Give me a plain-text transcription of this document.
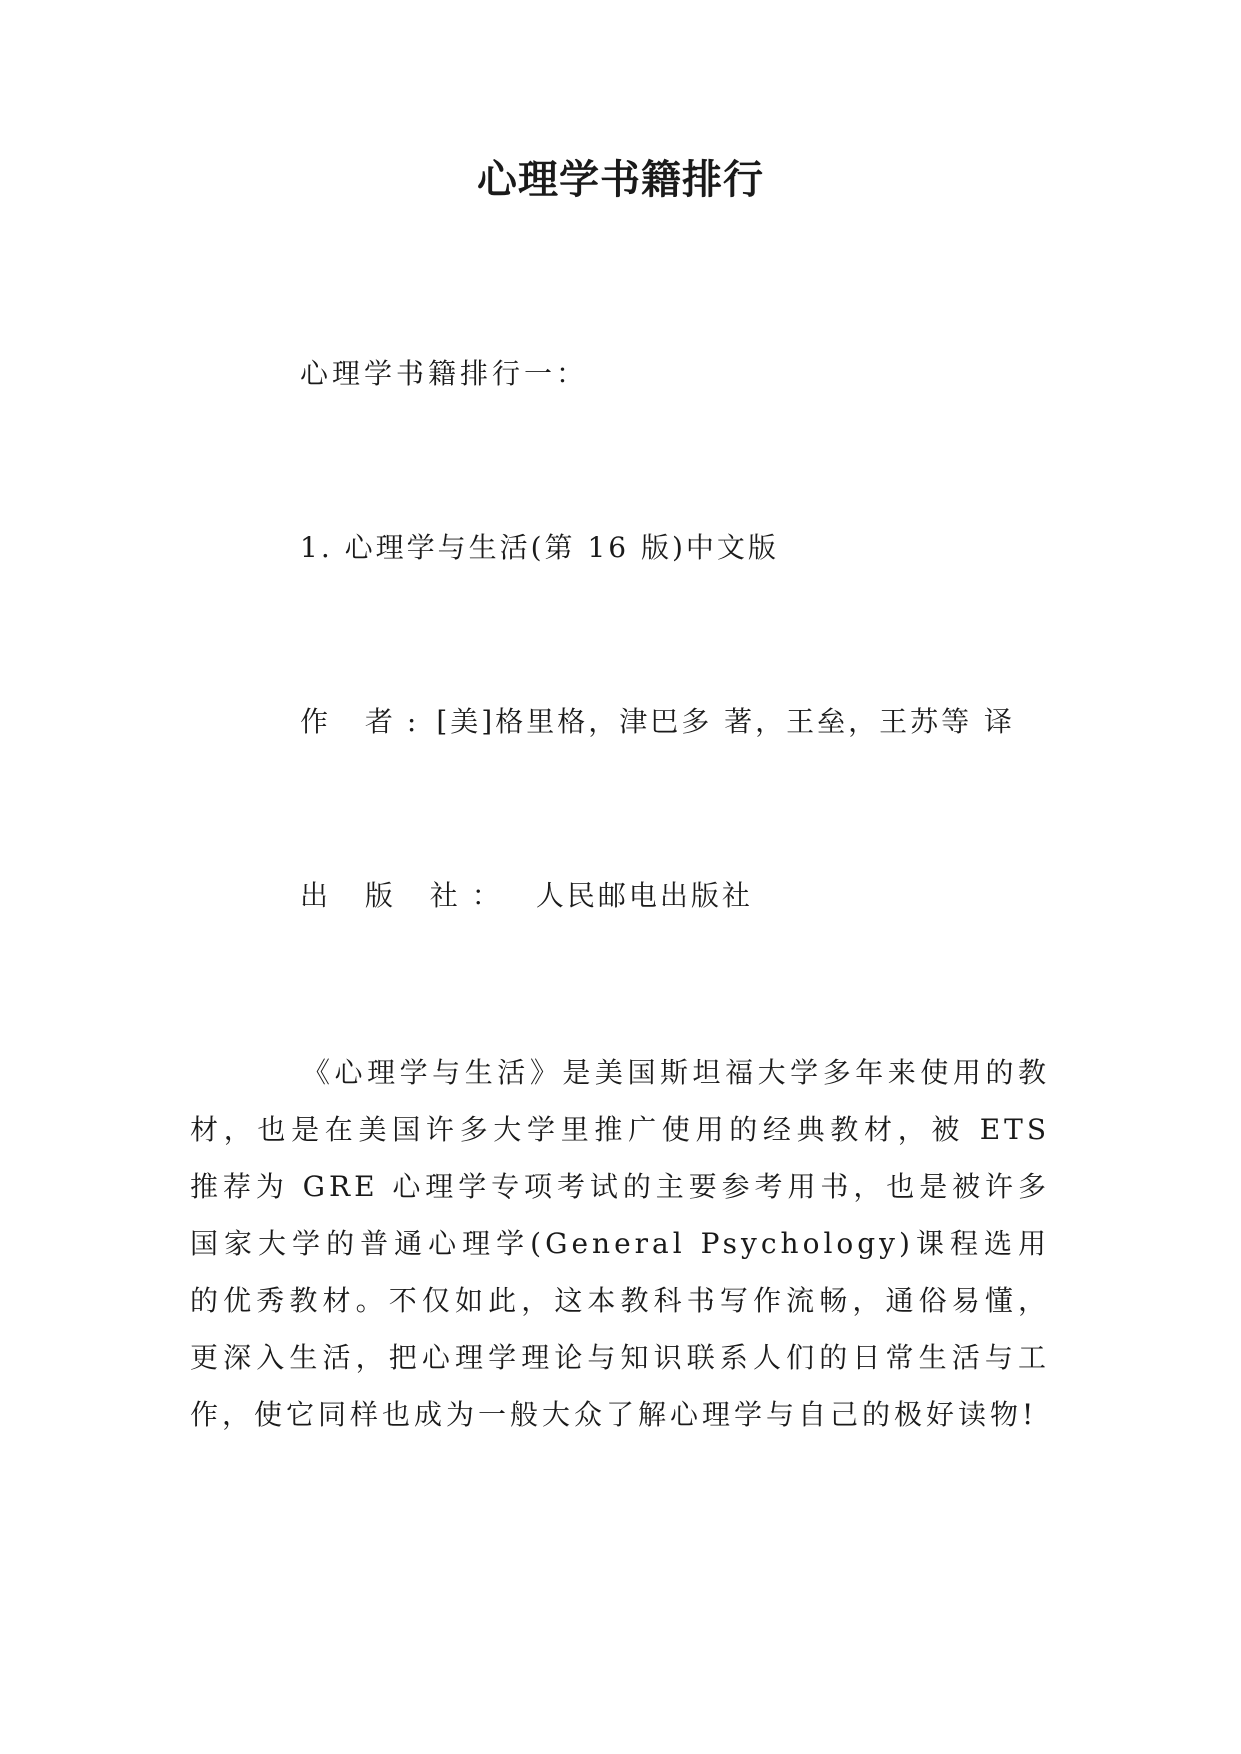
心理学书籍排行

心理学书籍排行一：

1. 心理学与生活(第 16 版)中文版

作 者: [美]格里格，津巴多 著，王垒，王苏等 译

出 版 社： 人民邮电出版社

《心理学与生活》是美国斯坦福大学多年来使用的教材，也是在美国许多大学里推广使用的经典教材，被 ETS 推荐为 GRE 心理学专项考试的主要参考用书，也是被许多国家大学的普通心理学(General Psychology)课程选用的优秀教材。不仅如此，这本教科书写作流畅，通俗易懂，更深入生活，把心理学理论与知识联系人们的日常生活与工作，使它同样也成为一般大众了解心理学与自己的极好读物!
